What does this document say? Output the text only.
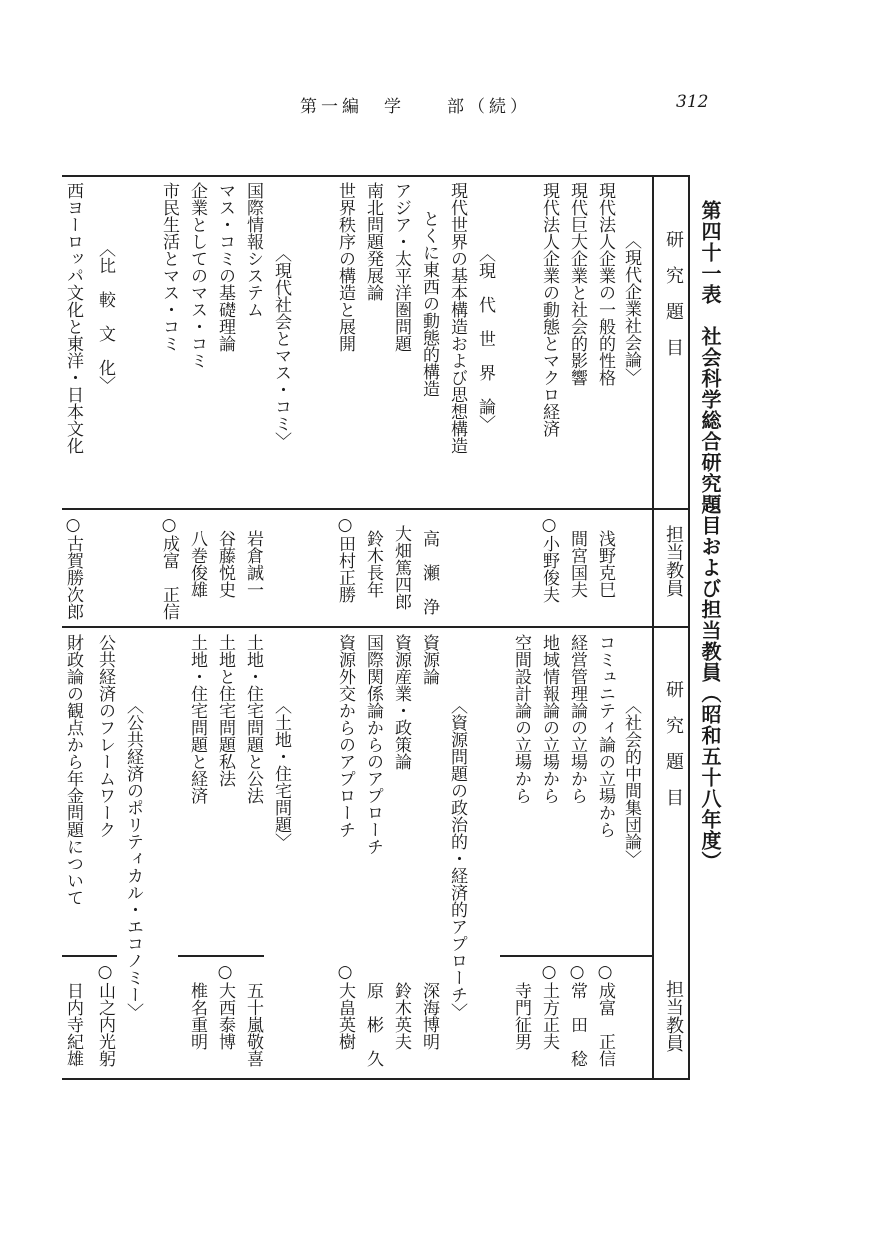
第一編　学　　部（続）	312
第四十一表　社会科学総合研究題目および担当教員（昭和五十八年度）
研　究　題　目
担当教員
研　究　題　目
担当教員
〈現代企業社会論〉
現代法人企業の一般的性格
現代巨大企業と社会的影響
現代法人企業の動態とマクロ経済
〈現　代　世　界　論〉
現代世界の基本構造および思想構造
とくに東西の動態的構造
アジア・太平洋圏問題
南北問題発展論
世界秩序の構造と展開
〈現代社会とマス・コミ〉
国際情報システム
マス・コミの基礎理論
企業としてのマス・コミ
市民生活とマス・コミ
〈比　較　文　化〉
西ヨーロッパ文化と東洋・日本文化
浅野克巳
間宮国夫
○小野俊夫
高　瀬　浄
大畑篤四郎
鈴木長年
○田村正勝
岩倉誠一
谷藤悦史
八巻俊雄
○成富　正信
○古賀勝次郎
〈社会的中間集団論〉
コミュニティ論の立場から
経営管理論の立場から
地域情報論の立場から
空間設計論の立場から
〈資源問題の政治的・経済的アプローチ〉
資源論
資源産業・政策論
国際関係論からのアプローチ
資源外交からのアプローチ
〈土地・住宅問題〉
土地・住宅問題と公法
土地と住宅問題私法
土地・住宅問題と経済
〈公共経済のポリティカル・エコノミー〉
公共経済のフレームワーク
財政論の観点から年金問題について
○成富　正信
○常　田　稔
○土方正夫
寺門征男
深海博明
鈴木英夫
原　彬　久
○大畠英樹
五十嵐敬喜
○大西泰博
椎名重明
○山之内光躬
日内寺紀雄
